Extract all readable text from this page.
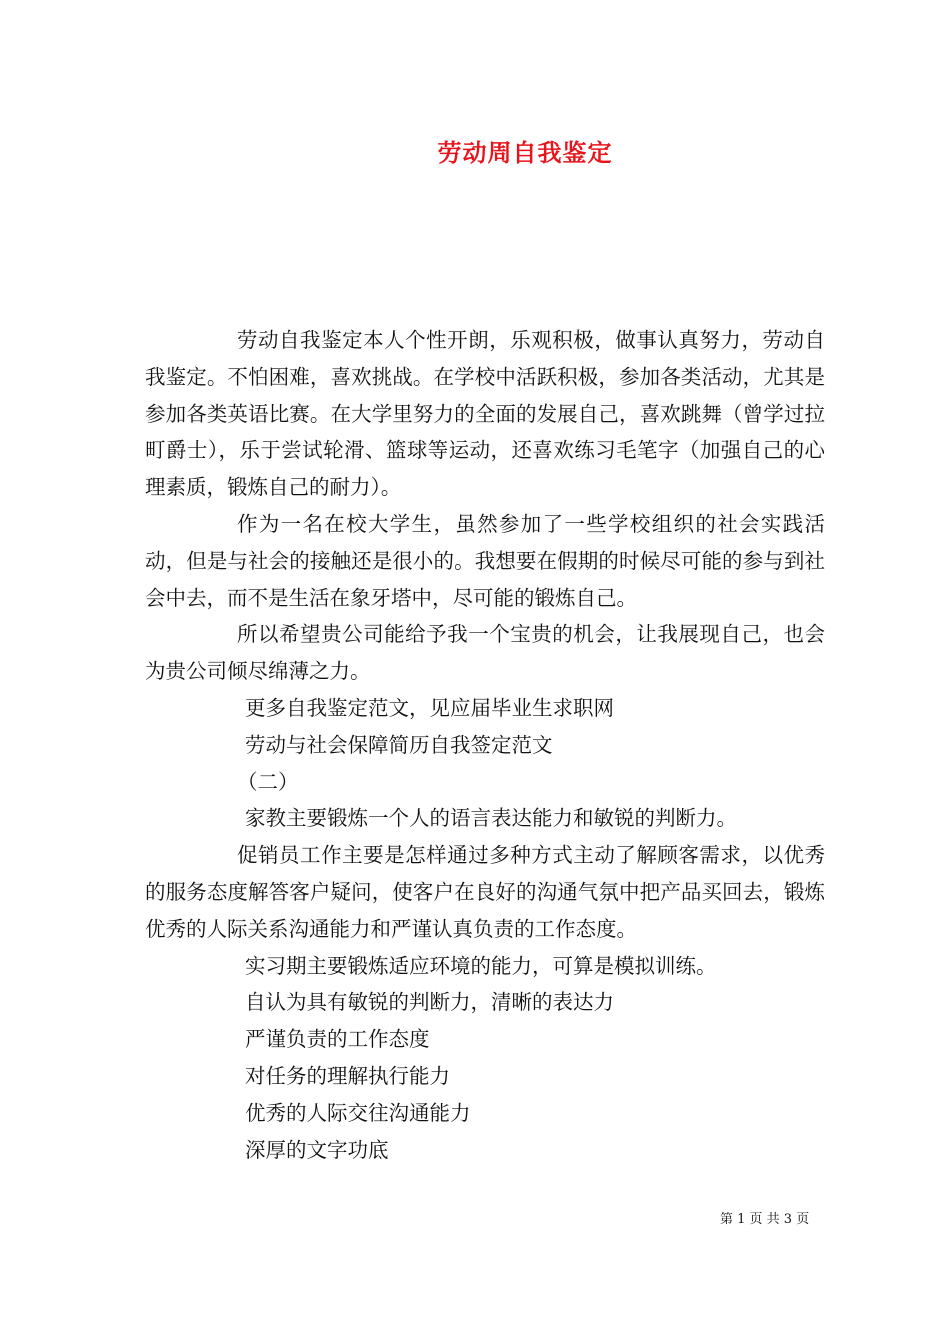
劳动周自我鉴定

劳动自我鉴定本人个性开朗，乐观积极，做事认真努力，劳动自我鉴定。不怕困难，喜欢挑战。在学校中活跃积极，参加各类活动，尤其是参加各类英语比赛。在大学里努力的全面的发展自己，喜欢跳舞（曾学过拉町爵士），乐于尝试轮滑、篮球等运动，还喜欢练习毛笔字（加强自己的心理素质，锻炼自己的耐力）。

作为一名在校大学生，虽然参加了一些学校组织的社会实践活动，但是与社会的接触还是很小的。我想要在假期的时候尽可能的参与到社会中去，而不是生活在象牙塔中，尽可能的锻炼自己。

所以希望贵公司能给予我一个宝贵的机会，让我展现自己，也会为贵公司倾尽绵薄之力。

更多自我鉴定范文，见应届毕业生求职网

劳动与社会保障简历自我签定范文

（二）

家教主要锻炼一个人的语言表达能力和敏锐的判断力。

促销员工作主要是怎样通过多种方式主动了解顾客需求，以优秀的服务态度解答客户疑问，使客户在良好的沟通气氛中把产品买回去，锻炼优秀的人际关系沟通能力和严谨认真负责的工作态度。

实习期主要锻炼适应环境的能力，可算是模拟训练。

自认为具有敏锐的判断力，清晰的表达力

严谨负责的工作态度

对任务的理解执行能力

优秀的人际交往沟通能力

深厚的文字功底

第 1 页 共 3 页
